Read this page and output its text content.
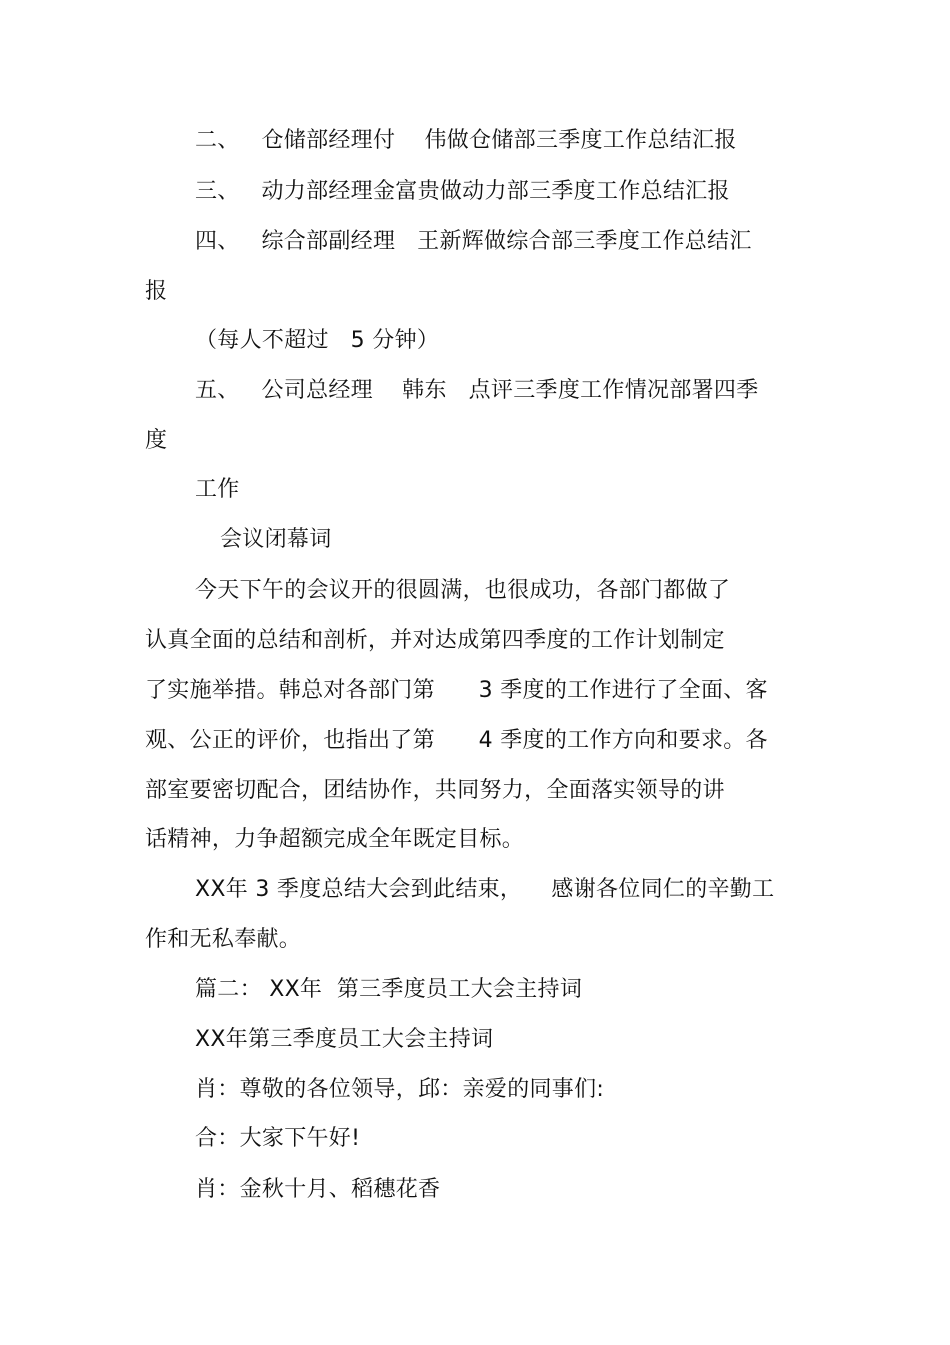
二、   仓储部经理付    伟做仓储部三季度工作总结汇报
三、   动力部经理金富贵做动力部三季度工作总结汇报
四、   综合部副经理   王新辉做综合部三季度工作总结汇
报
（每人不超过   5 分钟）
五、   公司总经理    韩东   点评三季度工作情况部署四季
度
工作
会议闭幕词
今天下午的会议开的很圆满，也很成功，各部门都做了
认真全面的总结和剖析，并对达成第四季度的工作计划制定
了实施举措。韩总对各部门第      3 季度的工作进行了全面、客
观、公正的评价，也指出了第      4 季度的工作方向和要求。各
部室要密切配合，团结协作，共同努力，全面落实领导的讲
话精神，力争超额完成全年既定目标。
XX年 3 季度总结大会到此结束，    感谢各位同仁的辛勤工
作和无私奉献。
篇二： XX年  第三季度员工大会主持词
XX年第三季度员工大会主持词
肖：尊敬的各位领导，邱：亲爱的同事们:
合：大家下午好!
肖：金秋十月、稻穗花香
